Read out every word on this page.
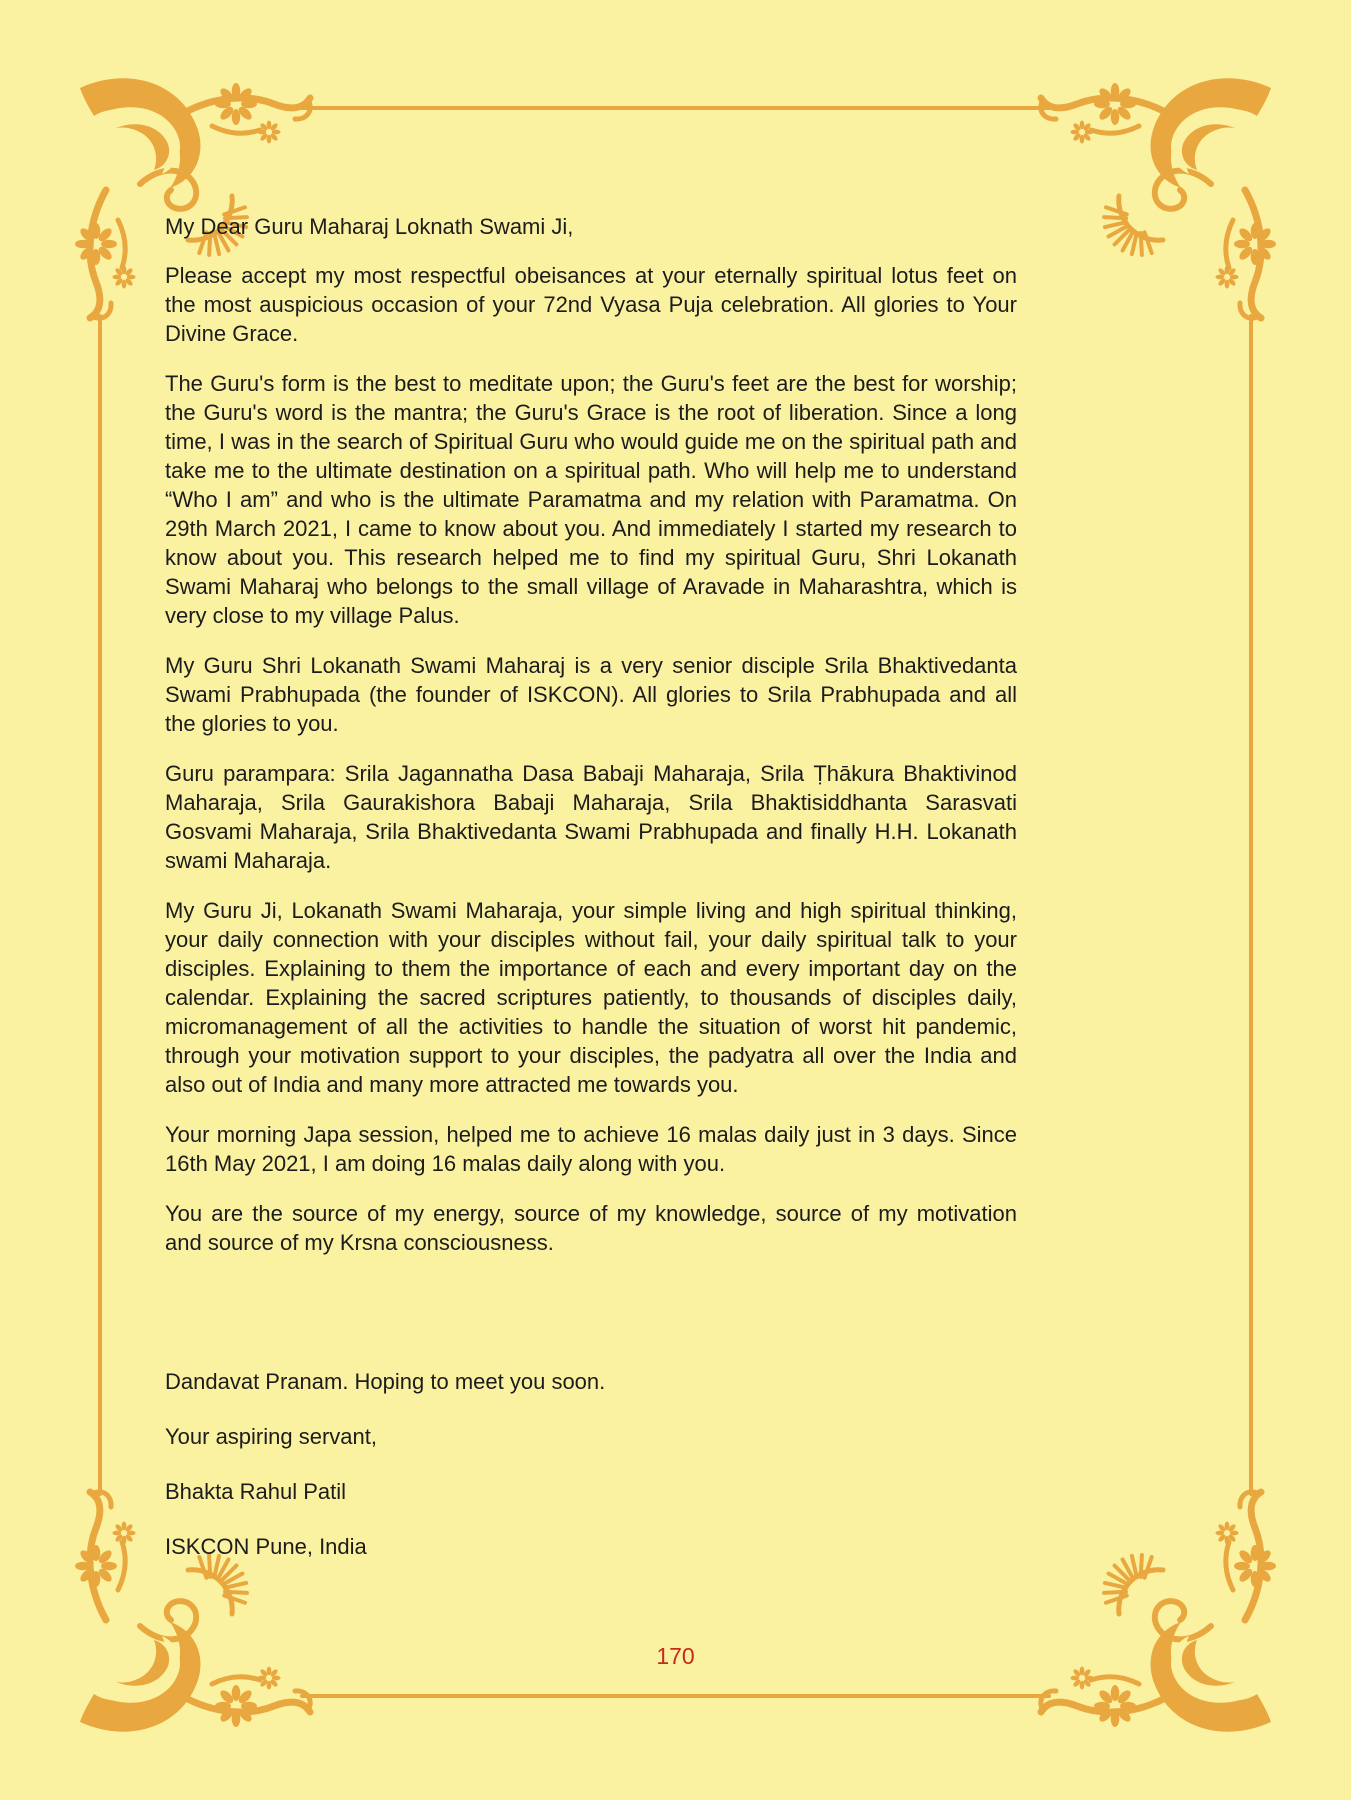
My Dear Guru Maharaj Loknath Swami Ji,

Please accept my most respectful obeisances at your eternally spiritual lotus feet on the most auspicious occasion of your 72nd Vyasa Puja celebration. All glories to Your Divine Grace.

The Guru's form is the best to meditate upon; the Guru's feet are the best for worship; the Guru's word is the mantra; the Guru's Grace is the root of liberation. Since a long time, I was in the search of Spiritual Guru who would guide me on the spiritual path and take me to the ultimate destination on a spiritual path. Who will help me to understand “Who I am” and who is the ultimate Paramatma and my relation with Paramatma. On 29th March 2021, I came to know about you. And immediately I started my research to know about you. This research helped me to find my spiritual Guru, Shri Lokanath Swami Maharaj who belongs to the small village of Aravade in Maharashtra, which is very close to my village Palus.

My Guru Shri Lokanath Swami Maharaj is a very senior disciple Srila Bhaktivedanta Swami Prabhupada (the founder of ISKCON). All glories to Srila Prabhupada and all the glories to you.

Guru parampara: Srila Jagannatha Dasa Babaji Maharaja, Srila Ṭhākura Bhaktivinod Maharaja, Srila Gaurakishora Babaji Maharaja, Srila Bhaktisiddhanta Sarasvati Gosvami Maharaja, Srila Bhaktivedanta Swami Prabhupada and finally H.H. Lokanath swami Maharaja.

My Guru Ji, Lokanath Swami Maharaja, your simple living and high spiritual thinking, your daily connection with your disciples without fail, your daily spiritual talk to your disciples. Explaining to them the importance of each and every important day on the calendar. Explaining the sacred scriptures patiently, to thousands of disciples daily, micromanagement of all the activities to handle the situation of worst hit pandemic, through your motivation support to your disciples, the padyatra all over the India and also out of India and many more attracted me towards you.

Your morning Japa session, helped me to achieve 16 malas daily just in 3 days. Since 16th May 2021, I am doing 16 malas daily along with you.

You are the source of my energy, source of my knowledge, source of my motivation and source of my Krsna consciousness.

Dandavat Pranam. Hoping to meet you soon.

Your aspiring servant,

Bhakta Rahul Patil

ISKCON Pune, India

170
